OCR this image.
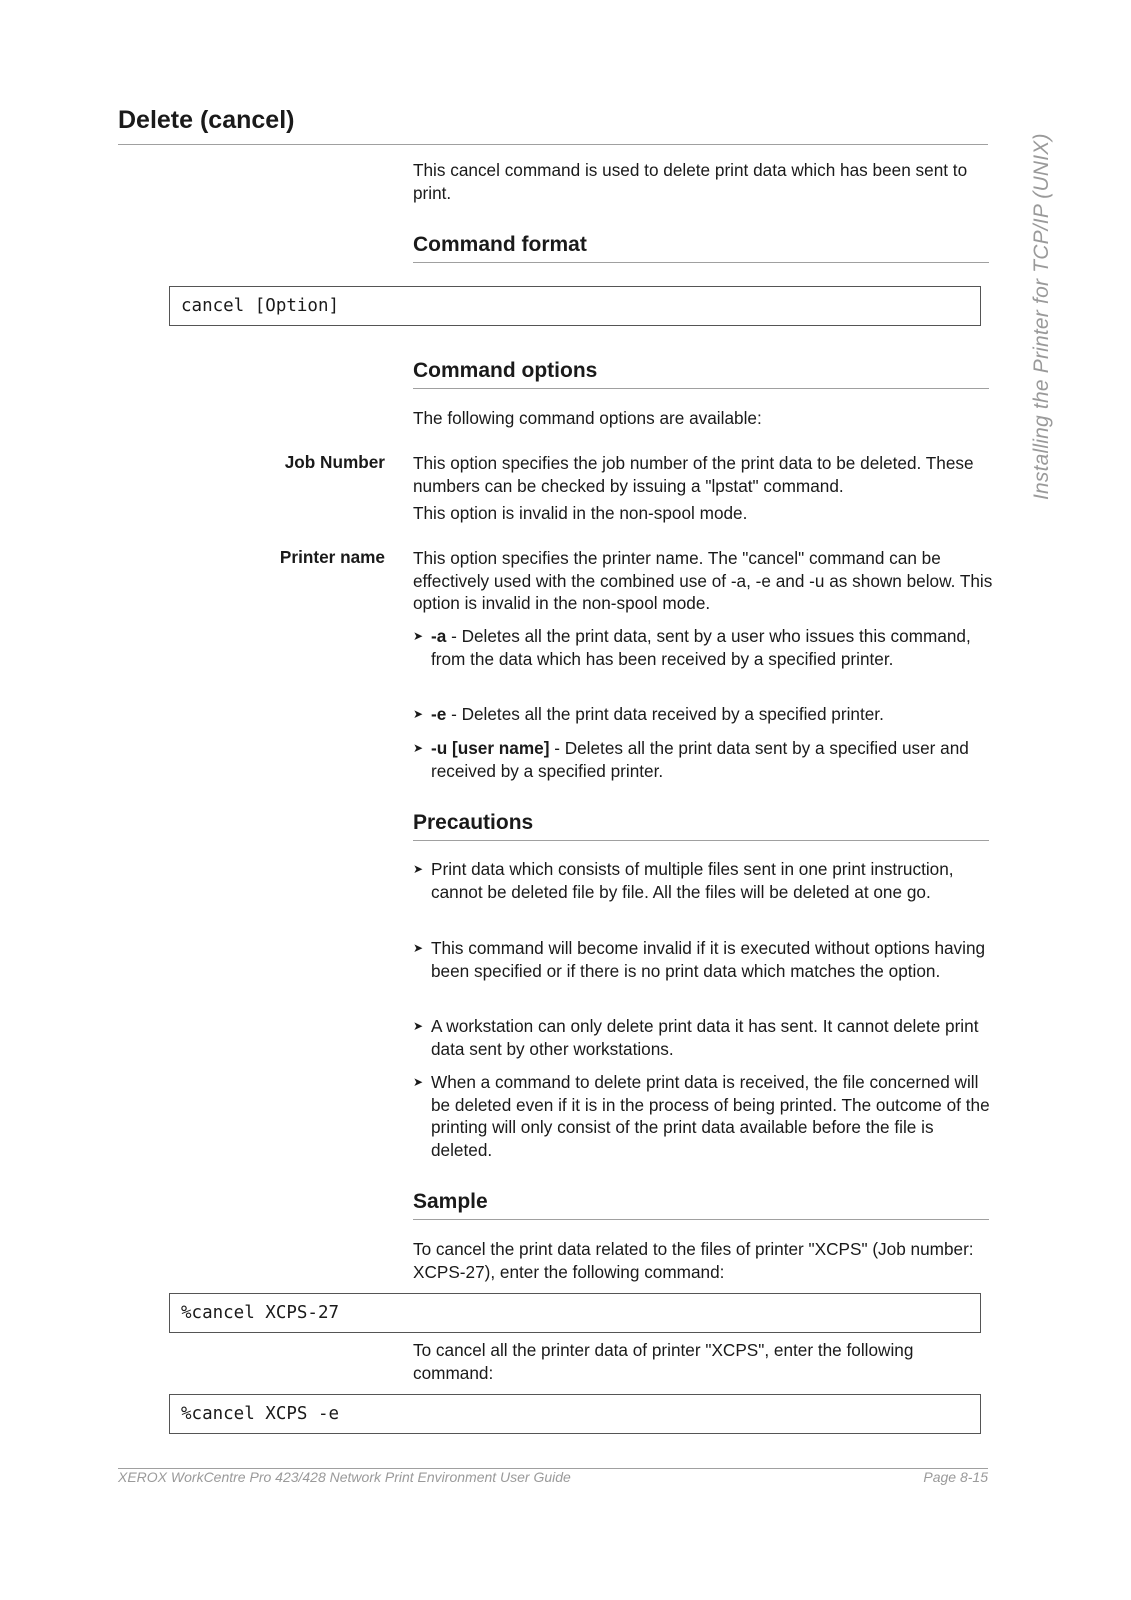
Delete (cancel)
Installing the Printer for TCP/IP (UNIX)
This cancel command is used to delete print data which has been sent to print.
Command format
cancel [Option]
Command options
The following command options are available:
Job Number This option specifies the job number of the print data to be deleted. These numbers can be checked by issuing a "lpstat" command.
This option is invalid in the non-spool mode.
Printer name This option specifies the printer name. The "cancel" command can be effectively used with the combined use of -a, -e and -u as shown below. This option is invalid in the non-spool mode.
➤ -a - Deletes all the print data, sent by a user who issues this command, from the data which has been received by a specified printer.
➤ -e - Deletes all the print data received by a specified printer.
➤ -u [user name] - Deletes all the print data sent by a specified user and received by a specified printer.
Precautions
➤ Print data which consists of multiple files sent in one print instruction, cannot be deleted file by file. All the files will be deleted at one go.
➤ This command will become invalid if it is executed without options having been specified or if there is no print data which matches the option.
➤ A workstation can only delete print data it has sent. It cannot delete print data sent by other workstations.
➤ When a command to delete print data is received, the file concerned will be deleted even if it is in the process of being printed. The outcome of the printing will only consist of the print data available before the file is deleted.
Sample
To cancel the print data related to the files of printer "XCPS" (Job number: XCPS-27), enter the following command:
%cancel XCPS-27
To cancel all the printer data of printer "XCPS", enter the following command:
%cancel XCPS -e
XEROX WorkCentre Pro 423/428 Network Print Environment User Guide	Page 8-15
